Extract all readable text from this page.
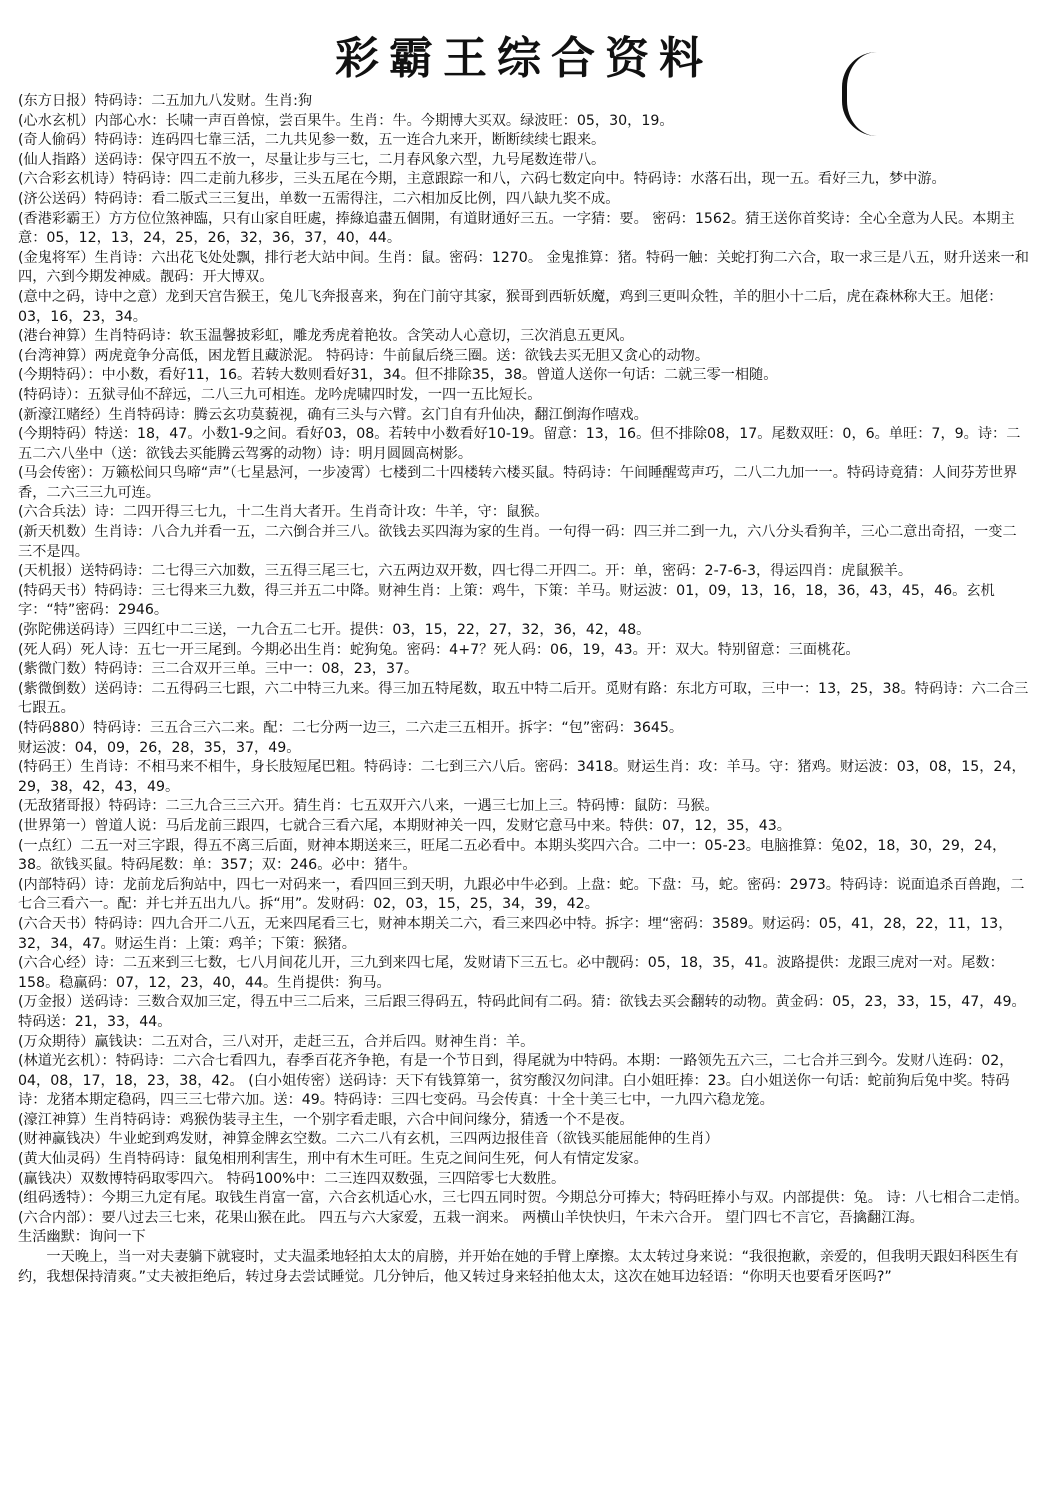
彩霸王综合资料

(东方日报）特码诗：二五加九八发财。生肖:狗

(心水玄机）内部心水：长啸一声百兽惊，尝百果牛。生肖：牛。今期博大买双。绿波旺：05，30，19。

(奇人偷码）特码诗：连码四七靠三活，二九共见参一数，五一连合九来开，断断续续七跟来。

(仙人指路）送码诗：保守四五不放一，尽量让步与三七，二月春风象六型，九号尾数连带八。

(六合彩玄机诗）特码诗：四二走前九移步，三头五尾在今期，主意跟踪一和八，六码七数定向中。特码诗：水落石出，现一五。看好三九，梦中游。

(济公送码）特码诗：看二版式三三复出，单数一五需得注，二六相加反比例，四八缺九奖不成。

(香港彩霸王）方方位位煞神臨，只有山家自旺處，捧綠追盡五個開，有道財通好三五。一字猜：要。 密码：1562。猜王送你首奖诗：全心全意为人民。本期主意：05，12，13，24，25，26，32，36，37，40，44。

(金鬼将军）生肖诗：六出花飞处处飘，排行老大站中间。生肖：鼠。密码：1270。 金鬼推算：猪。特码一触：关蛇打狗二六合，取一求三是八五，财升送来一和四，六到今期发神威。靓码：开大博双。

(意中之码，诗中之意）龙到天宫告猴王，兔儿飞奔报喜来，狗在门前守其家，猴哥到西斩妖魔，鸡到三更叫众牲，羊的胆小十二后，虎在森林称大王。旭佬：03，16，23，34。

(港台神算）生肖特码诗：软玉温馨披彩虹，雕龙秀虎着艳妆。含笑动人心意切，三次消息五更风。

(台湾神算）两虎竟争分高低，困龙暂且藏淤泥。 特码诗：牛前鼠后绕三圈。送：欲钱去买无胆又贪心的动物。

(今期特码）：中小数，看好11，16。若转大数则看好31，34。但不排除35，38。曾道人送你一句话：二就三零一相随。

(特码诗）：五狱寻仙不辞远，二八三九可相连。龙吟虎啸四时发，一四一五比短长。

(新濠江赌经）生肖特码诗：腾云玄功莫藐视，确有三头与六臂。玄门自有升仙决，翻江倒海作嘻戏。

(今期特码）特送：18，47。小数1-9之间。看好03，08。若转中小数看好10-19。留意：13，16。但不排除08，17。尾数双旺：0，6。单旺：7，9。诗：二五二六八坐中（送：欲钱去买能腾云驾雾的动物）诗：明月圆圆高树影。

(马会传密）：万籁松间只鸟啼“声”（七星悬河，一步凌霄）七楼到二十四楼转六楼买鼠。特码诗：午间睡醒莺声巧，二八二九加一一。特码诗竟猜：人间芬芳世界香，二六三三九可连。

(六合兵法）诗：二四开得三七九，十二生肖大者开。生肖奇计攻：牛羊，守：鼠猴。

(新天机数）生肖诗：八合九并看一五，二六倒合并三八。欲钱去买四海为家的生肖。一句得一码：四三并二到一九，六八分头看狗羊，三心二意出奇招，一变二三不是四。

(天机报）送特码诗：二七得三六加数，三五得三尾三七，六五两边双开数，四七得二开四二。开：单，密码：2-7-6-3，得运四肖：虎鼠猴羊。

(特码天书）特码诗：三七得来三九数，得三并五二中降。财神生肖：上策：鸡牛，下策：羊马。财运波：01，09，13，16，18，36，43，45，46。玄机字：“特”密码：2946。

(弥陀佛送码诗）三四红中二三送，一九合五二七开。提供：03，15，22，27，32，36，42，48。

(死人码）死人诗：五七一开三尾到。今期必出生肖：蛇狗兔。密码：4+7？死人码：06，19，43。开：双大。特别留意：三面桃花。

(紫微门数）特码诗：三二合双开三单。三中一：08，23，37。

(紫微倒数）送码诗：二五得码三七跟，六二中特三九来。得三加五特尾数，取五中特二后开。觅财有路：东北方可取，三中一：13，25，38。特码诗：六二合三七跟五。

(特码880）特码诗：三五合三六二来。配：二七分两一边三，二六走三五相开。拆字：“包”密码：3645。

财运波：04，09，26，28，35，37，49。

(特码王）生肖诗：不相马来不相牛，身长肢短尾巴粗。特码诗：二七到三六八后。密码：3418。财运生肖：攻：羊马。守：猪鸡。财运波：03，08，15，24，29，38，42，43，49。

(无敌猪哥报）特码诗：二三九合三三六开。猜生肖：七五双开六八来，一遇三七加上三。特码博：鼠防：马猴。

(世界第一）曾道人说：马后龙前三跟四，七就合三看六尾，本期财神关一四，发财它意马中来。特供：07，12，35，43。

(一点红）二五一对三字跟，得五不离三后面，财神本期送来三，旺尾二五必看中。本期头奖四六合。二中一：05-23。电脑推算：兔02，18，30，29，24，38。欲钱买鼠。特码尾数：单：357；双：246。必中：猪牛。

(内部特码）诗：龙前龙后狗站中，四七一对码来一，看四回三到天明，九跟必中牛必到。上盘：蛇。下盘：马，蛇。密码：2973。特码诗：说面追杀百兽跑，二七合三看六一。配：并七并五出九八。拆“用”。发财码：02，03，15，25，34，39，42。

(六合天书）特码诗：四九合开二八五，无来四尾看三七，财神本期关二六，看三来四必中特。拆字：埋“密码：3589。财运码：05，41，28，22，11，13，32，34，47。财运生肖：上策：鸡羊；下策：猴猪。

(六合心经）诗：二五来到三七数，七八月间花儿开，三九到来四七尾，发财请下三五七。必中靓码：05，18，35，41。波路提供：龙跟三虎对一对。尾数：158。稳赢码：07，12，23，40，44。生肖提供：狗马。

(万金报）送码诗：三数合双加三定，得五中三二后来，三后跟三得码五，特码此间有二码。猜：欲钱去买会翻转的动物。黄金码：05，23，33，15，47，49。特码送：21，33，44。

(万众期待）赢钱诀：二五对合，三八对开，走赶三五，合并后四。财神生肖：羊。

(林道光玄机）：特码诗：二六合七看四九，春季百花齐争艳，有是一个节日到，得尾就为中特码。本期：一路领先五六三，二七合并三到今。发财八连码：02，04，08，17，18，23，38，42。 (白小姐传密）送码诗：天下有钱算第一，贫穷酸汉勿问津。白小姐旺捧：23。白小姐送你一句话：蛇前狗后兔中奖。特码诗：龙猪本期定稳码，四三三七带六加。送：49。特码诗：三四七变码。马会传真：十全十美三七中，一九四六稳龙笼。

(濠江神算）生肖特码诗：鸡猴伪装寻主生，一个别字看走眼，六合中间问缘分，猜透一个不是夜。

(财神赢钱决）牛业蛇到鸡发财，神算金牌玄空数。二六二八有玄机，三四两边报佳音（欲钱买能屈能伸的生肖）

(黄大仙灵码）生肖特码诗：鼠兔相刑利害生，刑中有木生可旺。生克之间问生死，何人有情定发家。

(赢钱决）双数博特码取零四六。 特码100%中：二三连四双数强，三四陪零七大数胜。

(组码透特）：今期三九定有尾。取钱生肖富一富，六合玄机适心水，三七四五同时贺。今期总分可捧大；特码旺捧小与双。内部提供：兔。 诗：八七相合二走悄。

(六合内部）：要八过去三七来，花果山猴在此。 四五与六大家爱，五栽一润来。 两横山羊快快归，午未六合开。 望门四七不言它，吾擒翻江海。

生活幽默：询问一下

一天晚上，当一对夫妻躺下就寝时，丈夫温柔地轻拍太太的肩膀，并开始在她的手臂上摩擦。太太转过身来说：“我很抱歉，亲爱的，但我明天跟妇科医生有约，我想保持清爽。”丈夫被拒绝后，转过身去尝试睡觉。几分钟后，他又转过身来轻拍他太太，这次在她耳边轻语：“你明天也要看牙医吗?”
